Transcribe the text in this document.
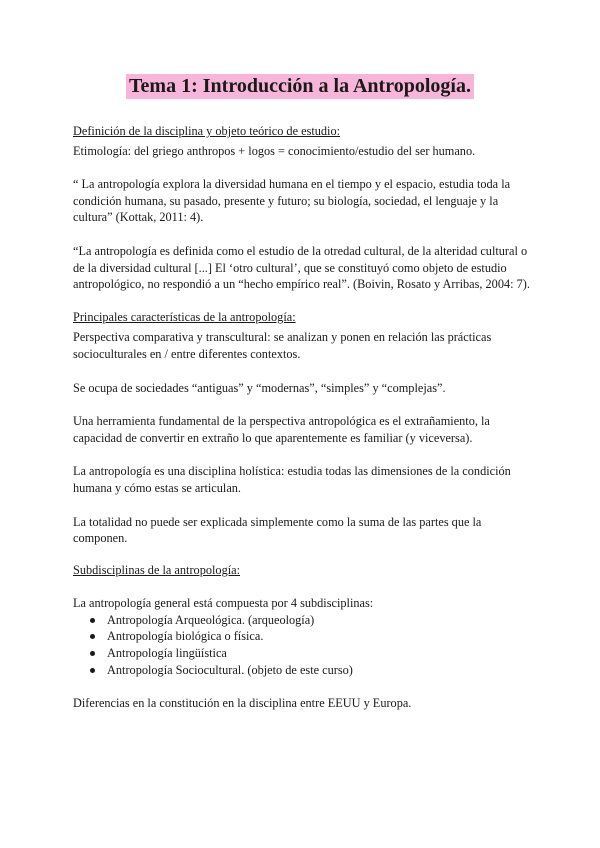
Tema 1: Introducción a la Antropología.

Definición de la disciplina y objeto teórico de estudio:

Etimología: del griego anthropos + logos = conocimiento/estudio del ser humano.

“ La antropología explora la diversidad humana en el tiempo y el espacio, estudia toda la condición humana, su pasado, presente y futuro; su biología, sociedad, el lenguaje y la cultura” (Kottak, 2011: 4).

“La antropología es definida como el estudio de la otredad cultural, de la alteridad cultural o de la diversidad cultural [...] El ‘otro cultural’, que se constituyó como objeto de estudio antropológico, no respondió a un “hecho empírico real”. (Boivin, Rosato y Arribas, 2004: 7).

Principales características de la antropología:

Perspectiva comparativa y transcultural: se analizan y ponen en relación las prácticas socioculturales en / entre diferentes contextos.

Se ocupa de sociedades “antiguas” y “modernas”, “simples” y “complejas”.

Una herramienta fundamental de la perspectiva antropológica es el extrañamiento, la capacidad de convertir en extraño lo que aparentemente es familiar (y viceversa).

La antropología es una disciplina holística: estudia todas las dimensiones de la condición humana y cómo estas se articulan.

La totalidad no puede ser explicada simplemente como la suma de las partes que la componen.

Subdisciplinas de la antropología:

La antropología general está compuesta por 4 subdisciplinas:

Antropología Arqueológica. (arqueología)
Antropología biológica o física.
Antropología lingüística
Antropología Sociocultural. (objeto de este curso)

Diferencias en la constitución en la disciplina entre EEUU y Europa.
